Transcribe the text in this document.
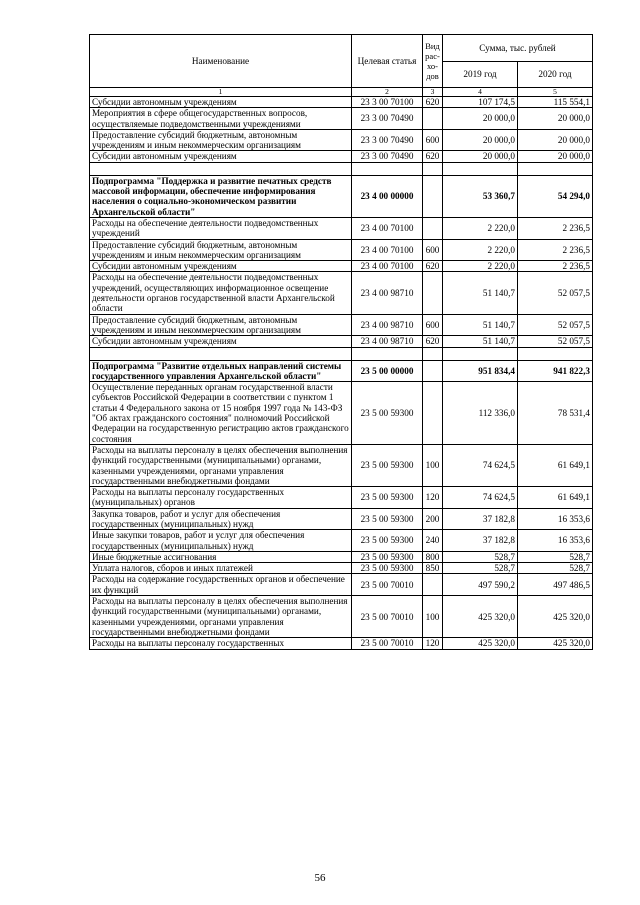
Наименование	Целевая статья	Вид рас-хо-дов	Сумма, тыс. рублей	
			2019 год	2020 год
1	2	3	4	5
Субсидии автономным учреждениям	23 3 00 70100	620	107 174,5	115 554,1
Мероприятия в сфере общегосударственных вопросов, осуществляемые подведомственными учреждениями	23 3 00 70490		20 000,0	20 000,0
Предоставление субсидий бюджетным, автономным учреждениям и иным некоммерческим организациям	23 3 00 70490	600	20 000,0	20 000,0
Субсидии автономным учреждениям	23 3 00 70490	620	20 000,0	20 000,0

Подпрограмма "Поддержка и развитие печатных средств массовой информации, обеспечение информирования населения о социально-экономическом развитии Архангельской области"	23 4 00 00000		53 360,7	54 294,0
Расходы на обеспечение деятельности подведомственных учреждений	23 4 00 70100		2 220,0	2 236,5
Предоставление субсидий бюджетным, автономным учреждениям и иным некоммерческим организациям	23 4 00 70100	600	2 220,0	2 236,5
Субсидии автономным учреждениям	23 4 00 70100	620	2 220,0	2 236,5
Расходы на обеспечение деятельности подведомственных учреждений, осуществляющих информационное освещение деятельности органов государственной власти Архангельской области	23 4 00 98710		51 140,7	52 057,5
Предоставление субсидий бюджетным, автономным учреждениям и иным некоммерческим организациям	23 4 00 98710	600	51 140,7	52 057,5
Субсидии автономным учреждениям	23 4 00 98710	620	51 140,7	52 057,5

Подпрограмма "Развитие отдельных направлений системы государственного управления Архангельской области"	23 5 00 00000		951 834,4	941 822,3
Осуществление переданных органам государственной власти субъектов Российской Федерации в соответствии с пунктом 1 статьи 4 Федерального закона от 15 ноября 1997 года № 143-ФЗ "Об актах гражданского состояния" полномочий Российской Федерации на государственную регистрацию актов гражданского состояния	23 5 00 59300		112 336,0	78 531,4
Расходы на выплаты персоналу в целях обеспечения выполнения функций государственными (муниципальными) органами, казенными учреждениями, органами управления государственными внебюджетными фондами	23 5 00 59300	100	74 624,5	61 649,1
Расходы на выплаты персоналу государственных (муниципальных) органов	23 5 00 59300	120	74 624,5	61 649,1
Закупка товаров, работ и услуг для обеспечения государственных (муниципальных) нужд	23 5 00 59300	200	37 182,8	16 353,6
Иные закупки товаров, работ и услуг для обеспечения государственных (муниципальных) нужд	23 5 00 59300	240	37 182,8	16 353,6
Иные бюджетные ассигнования	23 5 00 59300	800	528,7	528,7
Уплата налогов, сборов и иных платежей	23 5 00 59300	850	528,7	528,7
Расходы на содержание государственных органов и обеспечение их функций	23 5 00 70010		497 590,2	497 486,5
Расходы на выплаты персоналу в целях обеспечения выполнения функций государственными (муниципальными) органами, казенными учреждениями, органами управления государственными внебюджетными фондами	23 5 00 70010	100	425 320,0	425 320,0
Расходы на выплаты персоналу государственных	23 5 00 70010	120	425 320,0	425 320,0
56
